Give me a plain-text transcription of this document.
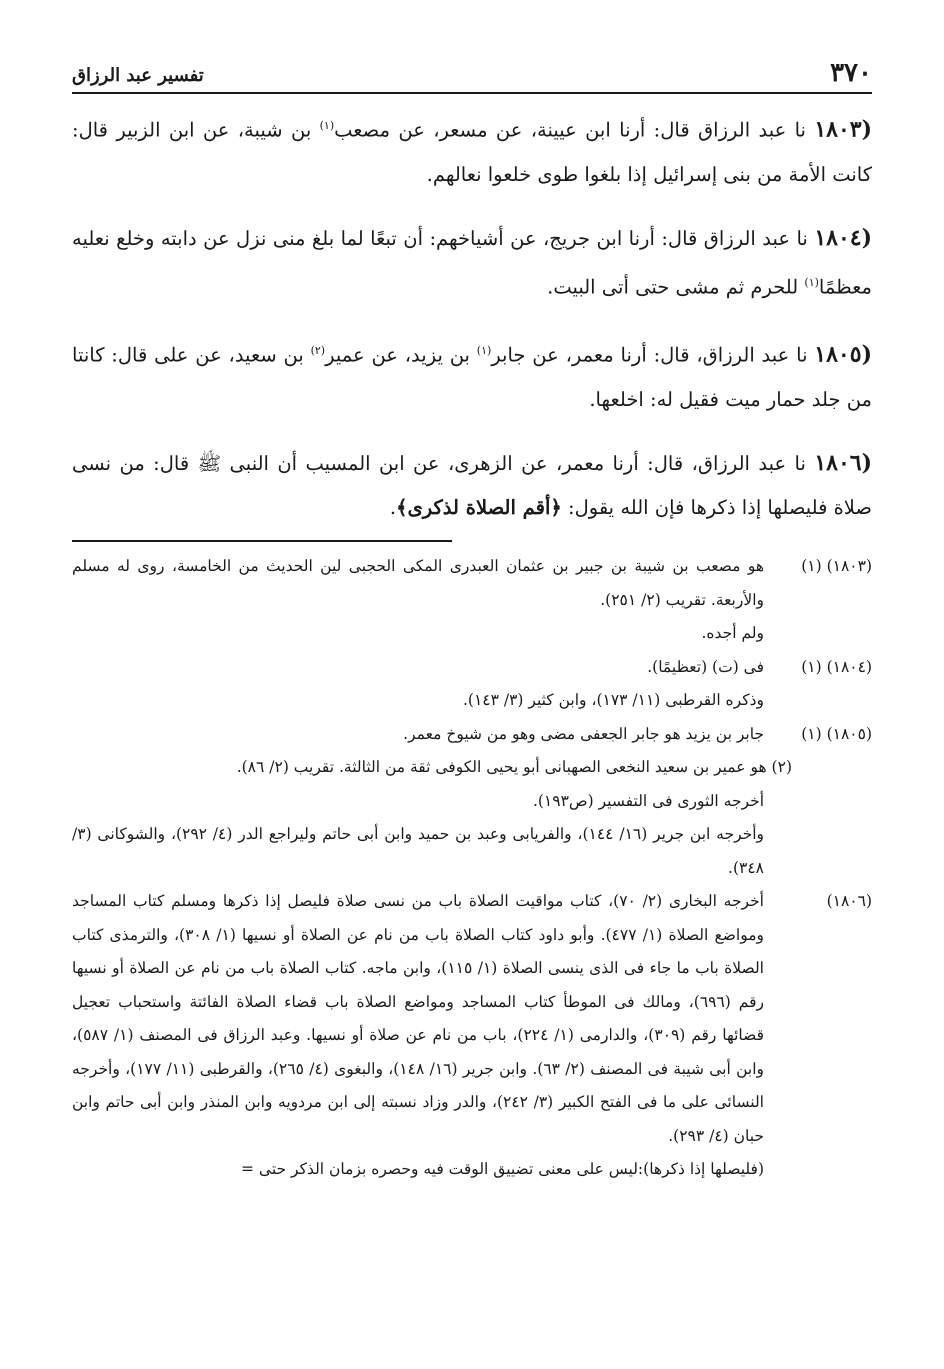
٣٧٠
تفسير عبد الرزاق

(١٨٠٣ نا عبد الرزاق قال: أرنا ابن عيينة، عن مسعر، عن مصعب$^{(١)}$ بن شيبة، عن ابن الزبير قال: كانت الأمة من بنى إسرائيل إذا بلغوا طوى خلعوا نعالهم.

(١٨٠٤ نا عبد الرزاق قال: أرنا ابن جريج، عن أشياخهم: أن تبعًا لما بلغ منى نزل عن دابته وخلع نعليه معظمًا$^{(١)}$ للحرم ثم مشى حتى أتى البيت.

(١٨٠٥ نا عبد الرزاق، قال: أرنا معمر، عن جابر$^{(١)}$ بن يزيد، عن عمير$^{(٢)}$ بن سعيد، عن على قال: كانتا من جلد حمار ميت فقيل له: اخلعها.

(١٨٠٦ نا عبد الرزاق، قال: أرنا معمر، عن الزهرى، عن ابن المسيب أن النبى ﷺ قال: من نسى صلاة فليصلها إذا ذكرها فإن الله يقول: ﴿أقم الصلاة لذكرى﴾.

(١٨٠٣) (١)
هو مصعب بن شيبة بن جبير بن عثمان العبدرى المكى الحجبى لين الحديث من الخامسة، روى له مسلم والأربعة. تقريب (٢/ ٢٥١).
ولم أجده.
(١٨٠٤) (١)
فى (ت) (تعظيمًا).
وذكره القرطبى (١١/ ١٧٣)، وابن كثير (٣/ ١٤٣).
(١٨٠٥) (١)
جابر بن يزيد هو جابر الجعفى مضى وهو من شيوخ معمر.
(٢) هو عمير بن سعيد النخعى الصهبانى أبو يحيى الكوفى ثقة من الثالثة. تقريب (٢/ ٨٦).
أخرجه الثورى فى التفسير (ص١٩٣).
وأخرجه ابن جرير (١٦/ ١٤٤)، والفريابى وعبد بن حميد وابن أبى حاتم وليراجع الدر (٤/ ٢٩٢)، والشوكانى (٣/ ٣٤٨).
(١٨٠٦)
أخرجه البخارى (٢/ ٧٠)، كتاب مواقيت الصلاة باب من نسى صلاة فليصل إذا ذكرها ومسلم كتاب المساجد ومواضع الصلاة (١/ ٤٧٧). وأبو داود كتاب الصلاة باب من نام عن الصلاة أو نسيها (١/ ٣٠٨)، والترمذى كتاب الصلاة باب ما جاء فى الذى ينسى الصلاة (١/ ١١٥)، وابن ماجه. كتاب الصلاة باب من نام عن الصلاة أو نسيها رقم (٦٩٦)، ومالك فى الموطأ كتاب المساجد ومواضع الصلاة باب قضاء الصلاة الفائتة واستحباب تعجيل قضائها رقم (٣٠٩)، والدارمى (١/ ٢٢٤)، باب من نام عن صلاة أو نسيها. وعبد الرزاق فى المصنف (١/ ٥٨٧)، وابن أبى شيبة فى المصنف (٢/ ٦٣). وابن جرير (١٦/ ١٤٨)، والبغوى (٤/ ٢٦٥)، والقرطبى (١١/ ١٧٧)، وأخرجه النسائى على ما فى الفتح الكبير (٣/ ٢٤٢)، والدر وزاد نسبته إلى ابن مردويه وابن المنذر وابن أبى حاتم وابن حبان (٤/ ٢٩٣).
(فليصلها إذا ذكرها):ليس على معنى تضييق الوقت فيه وحصره بزمان الذكر حتى =
